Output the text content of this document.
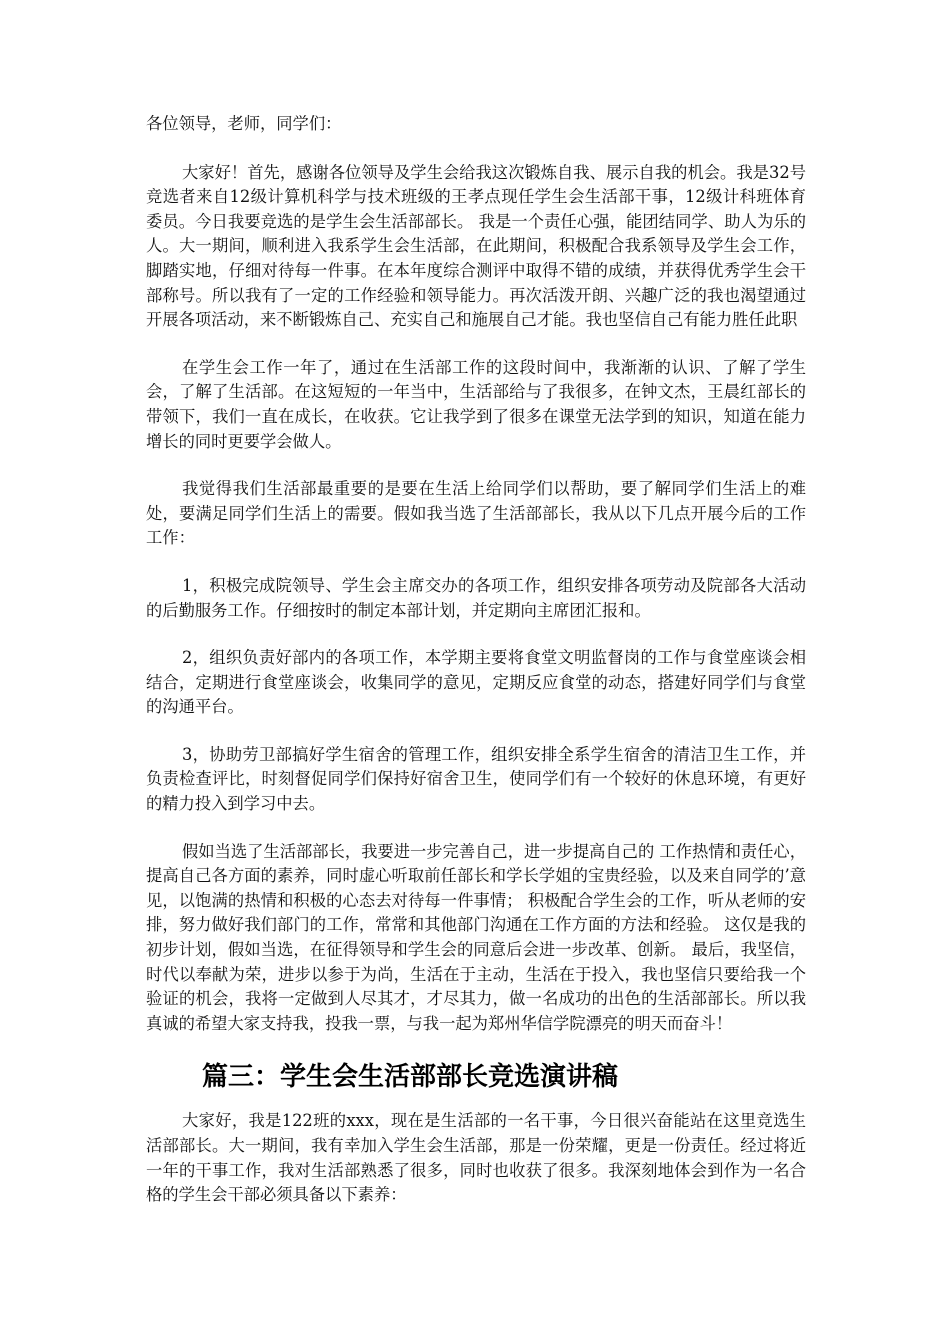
各位领导，老师，同学们：

大家好！首先，感谢各位领导及学生会给我这次锻炼自我、展示自我的机会。我是32号竞选者来自12级计算机科学与技术班级的王孝点现任学生会生活部干事，12级计科班体育委员。今日我要竞选的是学生会生活部部长。 我是一个责任心强，能团结同学、助人为乐的人。大一期间，顺利进入我系学生会生活部，在此期间，积极配合我系领导及学生会工作，脚踏实地，仔细对待每一件事。在本年度综合测评中取得不错的成绩，并获得优秀学生会干部称号。所以我有了一定的工作经验和领导能力。再次活泼开朗、兴趣广泛的我也渴望通过开展各项活动，来不断锻炼自己、充实自己和施展自己才能。我也坚信自己有能力胜任此职

在学生会工作一年了，通过在生活部工作的这段时间中，我渐渐的认识、了解了学生会，了解了生活部。在这短短的一年当中，生活部给与了我很多，在钟文杰，王晨红部长的带领下，我们一直在成长，在收获。它让我学到了很多在课堂无法学到的知识，知道在能力增长的同时更要学会做人。

我觉得我们生活部最重要的是要在生活上给同学们以帮助，要了解同学们生活上的难处，要满足同学们生活上的需要。假如我当选了生活部部长，我从以下几点开展今后的工作工作：

1，积极完成院领导、学生会主席交办的各项工作，组织安排各项劳动及院部各大活动的后勤服务工作。仔细按时的制定本部计划，并定期向主席团汇报和。

2，组织负责好部内的各项工作，本学期主要将食堂文明监督岗的工作与食堂座谈会相结合，定期进行食堂座谈会，收集同学的意见，定期反应食堂的动态，搭建好同学们与食堂的沟通平台。

3，协助劳卫部搞好学生宿舍的管理工作，组织安排全系学生宿舍的清洁卫生工作，并负责检查评比，时刻督促同学们保持好宿舍卫生，使同学们有一个较好的休息环境，有更好的精力投入到学习中去。

假如当选了生活部部长，我要进一步完善自己，进一步提高自己的 工作热情和责任心，提高自己各方面的素养，同时虚心听取前任部长和学长学姐的宝贵经验，以及来自同学的’意见，以饱满的热情和积极的心态去对待每一件事情； 积极配合学生会的工作，听从老师的安 排，努力做好我们部门的工作，常常和其他部门沟通在工作方面的方法和经验。 这仅是我的初步计划，假如当选，在征得领导和学生会的同意后会进一步改革、创新。 最后，我坚信，时代以奉献为荣，进步以参于为尚，生活在于主动，生活在于投入，我也坚信只要给我一个验证的机会，我将一定做到人尽其才，才尽其力，做一名成功的出色的生活部部长。所以我真诚的希望大家支持我，投我一票，与我一起为郑州华信学院漂亮的明天而奋斗！

篇三：学生会生活部部长竞选演讲稿

大家好，我是122班的xxx，现在是生活部的一名干事，今日很兴奋能站在这里竞选生活部部长。大一期间，我有幸加入学生会生活部，那是一份荣耀，更是一份责任。经过将近一年的干事工作，我对生活部熟悉了很多，同时也收获了很多。我深刻地体会到作为一名合格的学生会干部必须具备以下素养：
